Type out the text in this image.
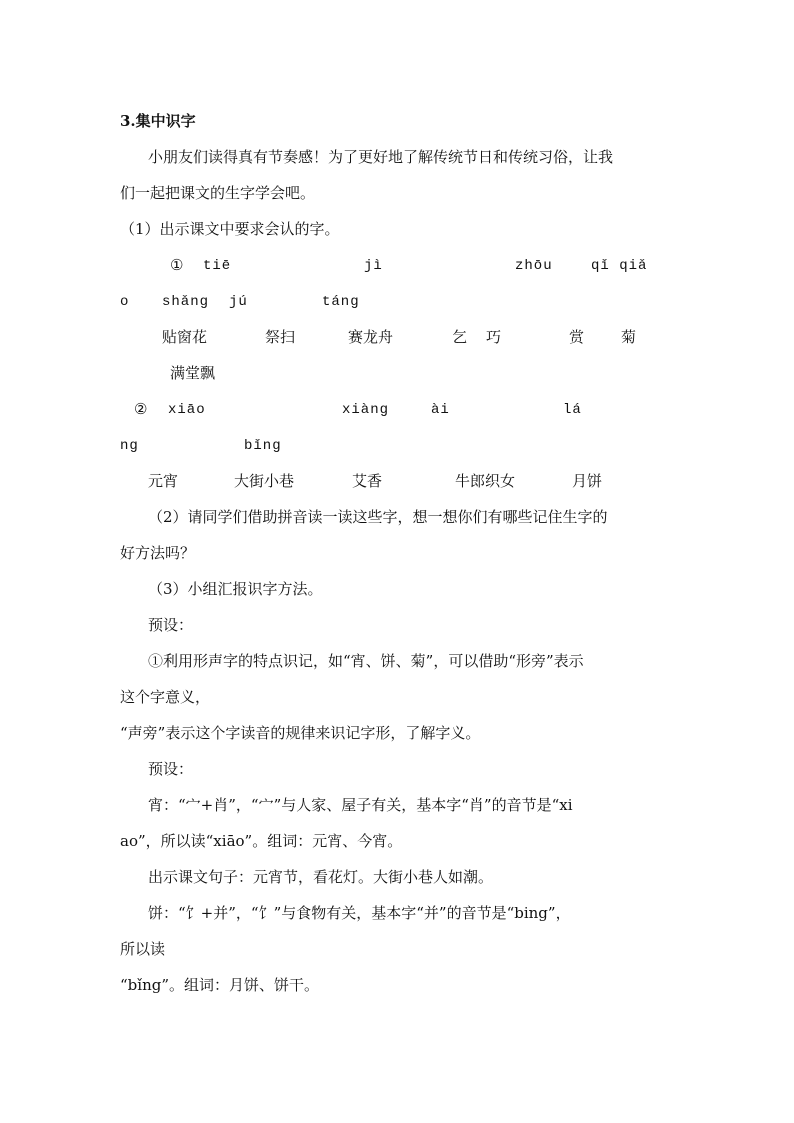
3.集中识字
小朋友们读得真有节奏感！为了更好地了解传统节日和传统习俗，让我
们一起把课文的生字学会吧。
（1）出示课文中要求会认的字。
① tiē	jì	zhōu	qǐ qiǎ
o shǎng jú	táng
贴窗花	祭扫	赛龙舟	乞 巧	赏 菊
满堂飘
② xiāo	xiàng	ài	lá
ng	bǐng
元宵	大街小巷	艾香	牛郎织女	月饼
（2）请同学们借助拼音读一读这些字，想一想你们有哪些记住生字的
好方法吗？
（3）小组汇报识字方法。
预设：
①利用形声字的特点识记，如“宵、饼、菊”，可以借助“形旁”表示
这个字意义，
“声旁”表示这个字读音的规律来识记字形，了解字义。
预设：
宵：“宀+肖”，“宀”与人家、屋子有关，基本字“肖”的音节是“xi
ao”，所以读“xiāo”。组词：元宵、今宵。
出示课文句子：元宵节，看花灯。大街小巷人如潮。
饼：“饣+并”，“饣”与食物有关，基本字“并”的音节是“bing”，
所以读
“bǐng”。组词：月饼、饼干。
